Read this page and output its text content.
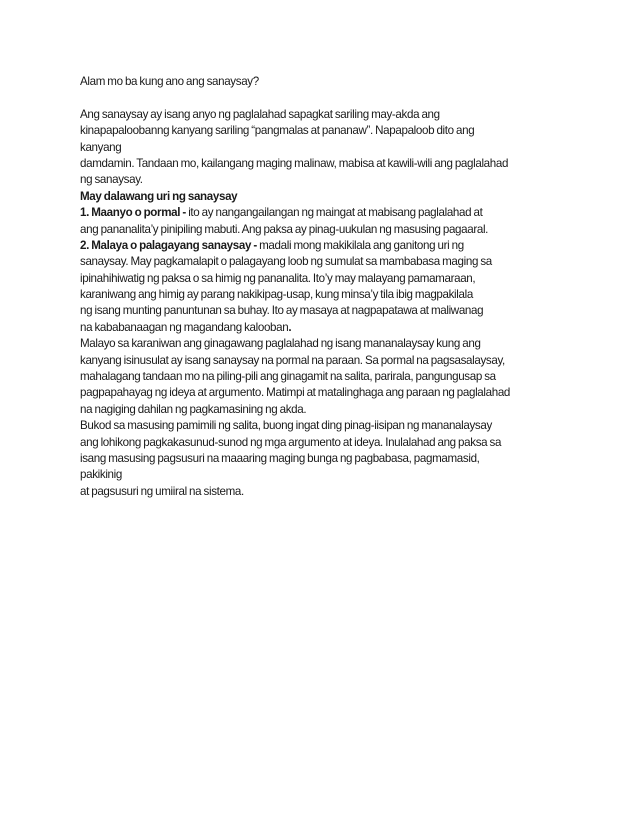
Alam mo ba kung ano ang sanaysay?
Ang sanaysay ay isang anyo ng paglalahad sapagkat sariling may-akda ang
kinapapaloobanng kanyang sariling “pangmalas at pananaw”. Napapaloob dito ang
kanyang
damdamin. Tandaan mo, kailangang maging malinaw, mabisa at kawili-wili ang paglalahad
ng sanaysay.
May dalawang uri ng sanaysay
1. Maanyo o pormal - ito ay nangangailangan ng maingat at mabisang paglalahad at
ang pananalita’y pinipiling mabuti. Ang paksa ay pinag-uukulan ng masusing pagaaral.
2. Malaya o palagayang sanaysay - madali mong makikilala ang ganitong uri ng
sanaysay. May pagkamalapit o palagayang loob ng sumulat sa mambabasa maging sa
ipinahihiwatig ng paksa o sa himig ng pananalita. Ito’y may malayang pamamaraan,
karaniwang ang himig ay parang nakikipag-usap, kung minsa’y tila ibig magpakilala
ng isang munting panuntunan sa buhay. Ito ay masaya at nagpapatawa at maliwanag
na kababanaagan ng magandang kalooban.
Malayo sa karaniwan ang ginagawang paglalahad ng isang mananalaysay kung ang
kanyang isinusulat ay isang sanaysay na pormal na paraan. Sa pormal na pagsasalaysay,
mahalagang tandaan mo na piling-pili ang ginagamit na salita, parirala, pangungusap sa
pagpapahayag ng ideya at argumento. Matimpi at matalinghaga ang paraan ng paglalahad
na nagiging dahilan ng pagkamasining ng akda.
Bukod sa masusing pamimili ng salita, buong ingat ding pinag-iisipan ng mananalaysay
ang lohikong pagkakasunud-sunod ng mga argumento at ideya. Inulalahad ang paksa sa
isang masusing pagsusuri na maaaring maging bunga ng pagbabasa, pagmamasid,
pakikinig
at pagsusuri ng umiiral na sistema.
